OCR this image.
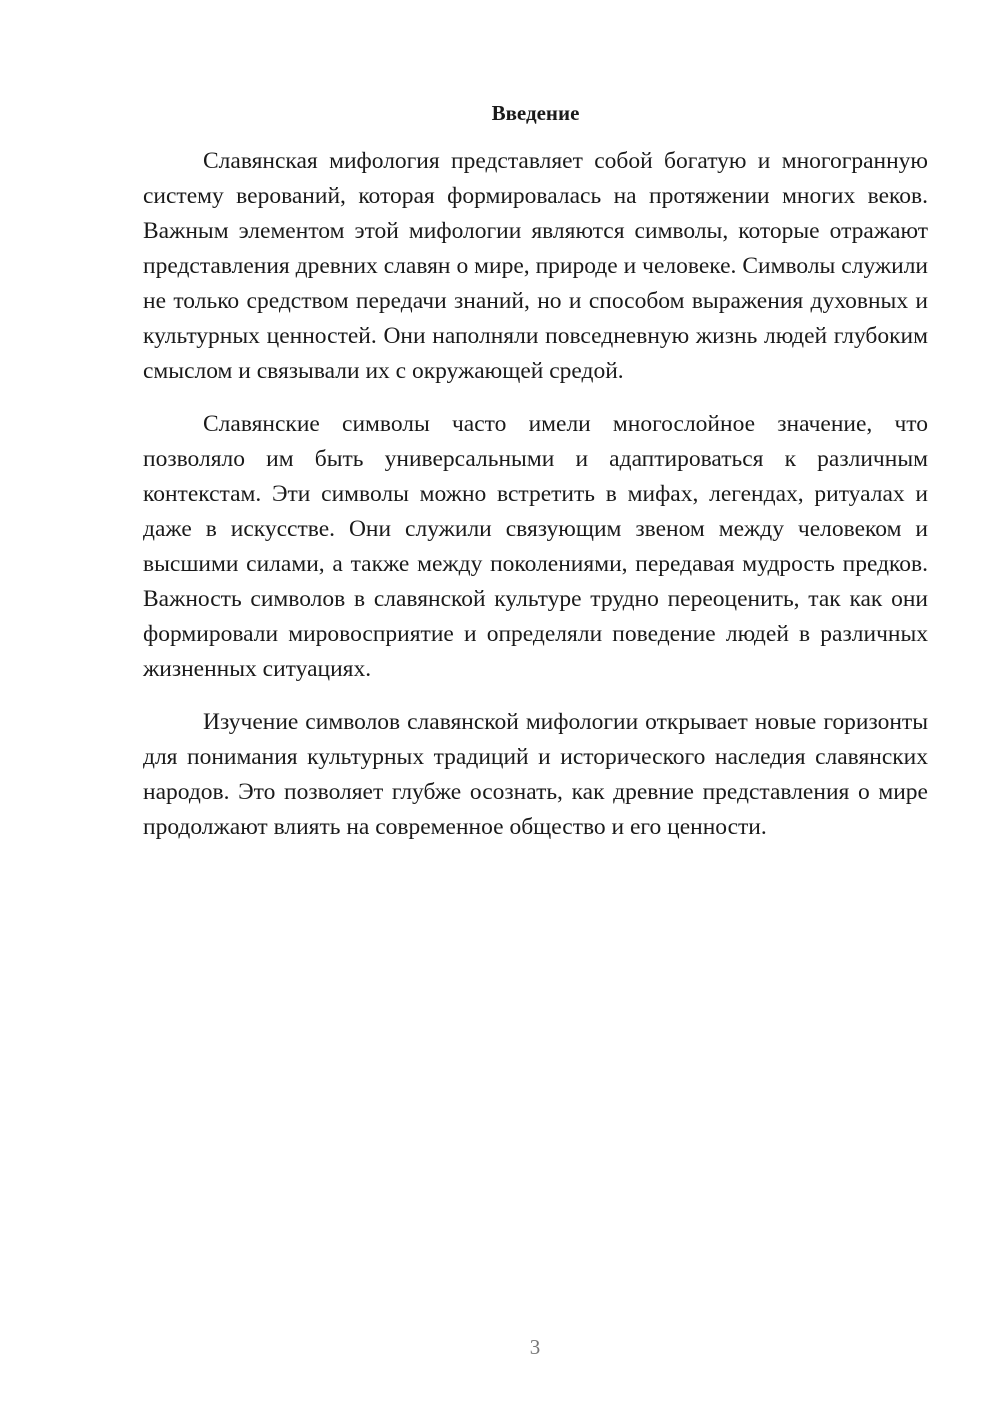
Введение

Славянская мифология представляет собой богатую и многогранную систему верований, которая формировалась на протяжении многих веков. Важным элементом этой мифологии являются символы, которые отражают представления древних славян о мире, природе и человеке. Символы служили не только средством передачи знаний, но и способом выражения духовных и культурных ценностей. Они наполняли повседневную жизнь людей глубоким смыслом и связывали их с окружающей средой.

Славянские символы часто имели многослойное значение, что позволяло им быть универсальными и адаптироваться к различным контекстам. Эти символы можно встретить в мифах, легендах, ритуалах и даже в искусстве. Они служили связующим звеном между человеком и высшими силами, а также между поколениями, передавая мудрость предков. Важность символов в славянской культуре трудно переоценить, так как они формировали мировосприятие и определяли поведение людей в различных жизненных ситуациях.

Изучение символов славянской мифологии открывает новые горизонты для понимания культурных традиций и исторического наследия славянских народов. Это позволяет глубже осознать, как древние представления о мире продолжают влиять на современное общество и его ценности.

3
